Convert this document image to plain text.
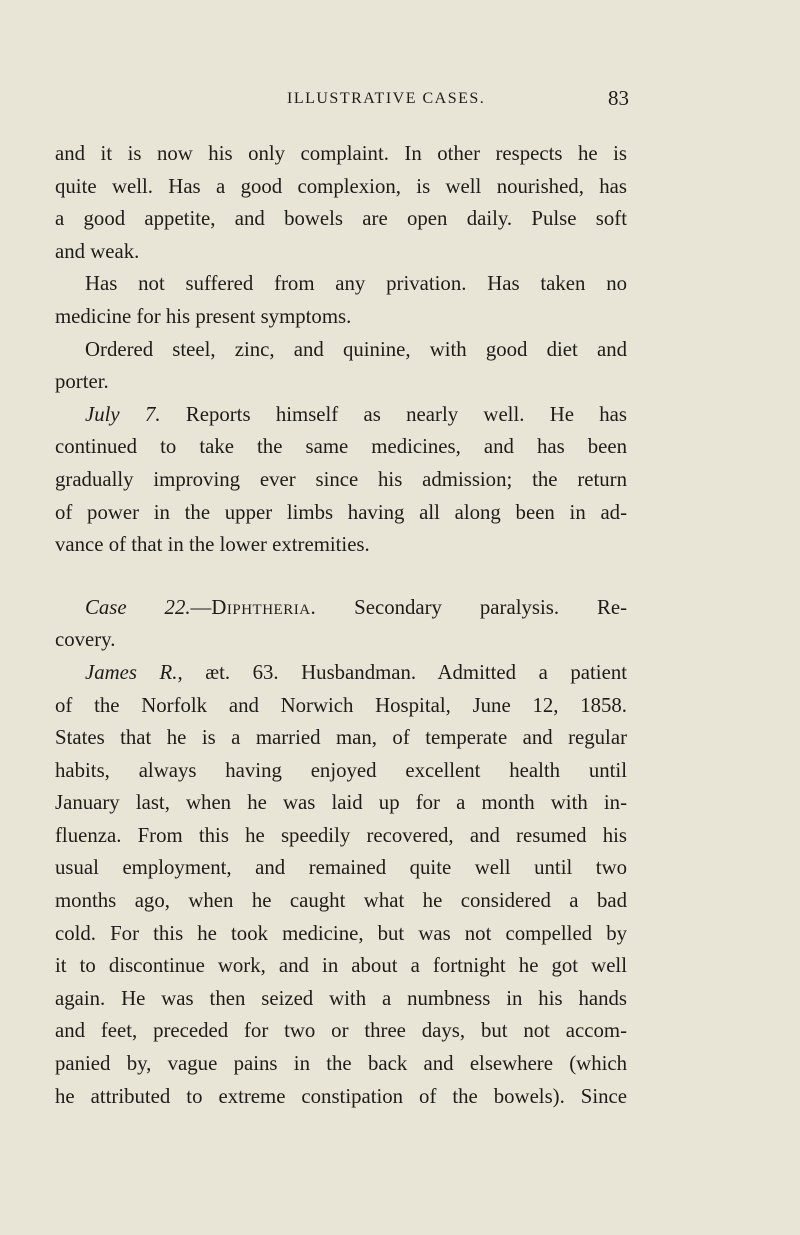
ILLUSTRATIVE CASES.	83
and it is now his only complaint. In other respects he is
quite well. Has a good complexion, is well nourished, has
a good appetite, and bowels are open daily. Pulse soft
and weak.
Has not suffered from any privation. Has taken no
medicine for his present symptoms.
Ordered steel, zinc, and quinine, with good diet and
porter.
July 7. Reports himself as nearly well. He has
continued to take the same medicines, and has been
gradually improving ever since his admission; the return
of power in the upper limbs having all along been in ad-
vance of that in the lower extremities.
Case 22.—Diphtheria. Secondary paralysis. Re-
covery.
James R., æt. 63. Husbandman. Admitted a patient
of the Norfolk and Norwich Hospital, June 12, 1858.
States that he is a married man, of temperate and regular
habits, always having enjoyed excellent health until
January last, when he was laid up for a month with in-
fluenza. From this he speedily recovered, and resumed his
usual employment, and remained quite well until two
months ago, when he caught what he considered a bad
cold. For this he took medicine, but was not compelled by
it to discontinue work, and in about a fortnight he got well
again. He was then seized with a numbness in his hands
and feet, preceded for two or three days, but not accom-
panied by, vague pains in the back and elsewhere (which
he attributed to extreme constipation of the bowels). Since
